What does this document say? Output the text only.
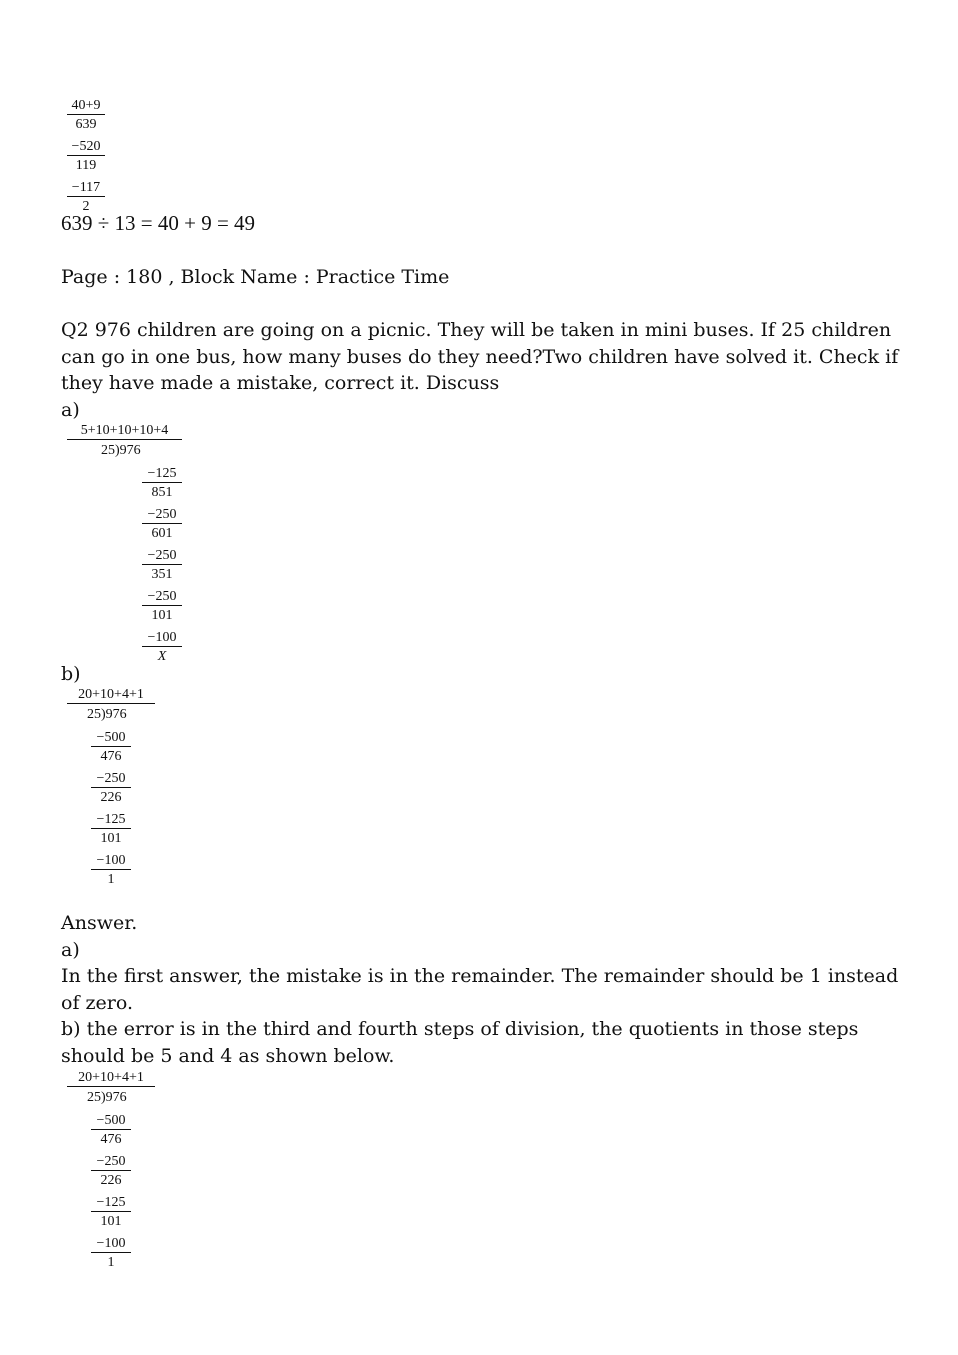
40+9
639
−520
119
−117
2
639 ÷ 13 = 40 + 9 = 49
Page : 180 , Block Name : Practice Time
Q2 976 children are going on a picnic. They will be taken in mini buses. If 25 children can go in one bus, how many buses do they need?Two children have solved it. Check if they have made a mistake, correct it. Discuss
a)
5+10+10+10+4
25)976
−125
851
−250
601
−250
351
−250
101
−100
X
b)
20+10+4+1
25)976
−500
476
−250
226
−125
101
−100
1
Answer.
a)
In the first answer, the mistake is in the remainder. The remainder should be 1 instead of zero.
b) the error is in the third and fourth steps of division, the quotients in those steps should be 5 and 4 as shown below.
20+10+4+1
25)976
−500
476
−250
226
−125
101
−100
1
